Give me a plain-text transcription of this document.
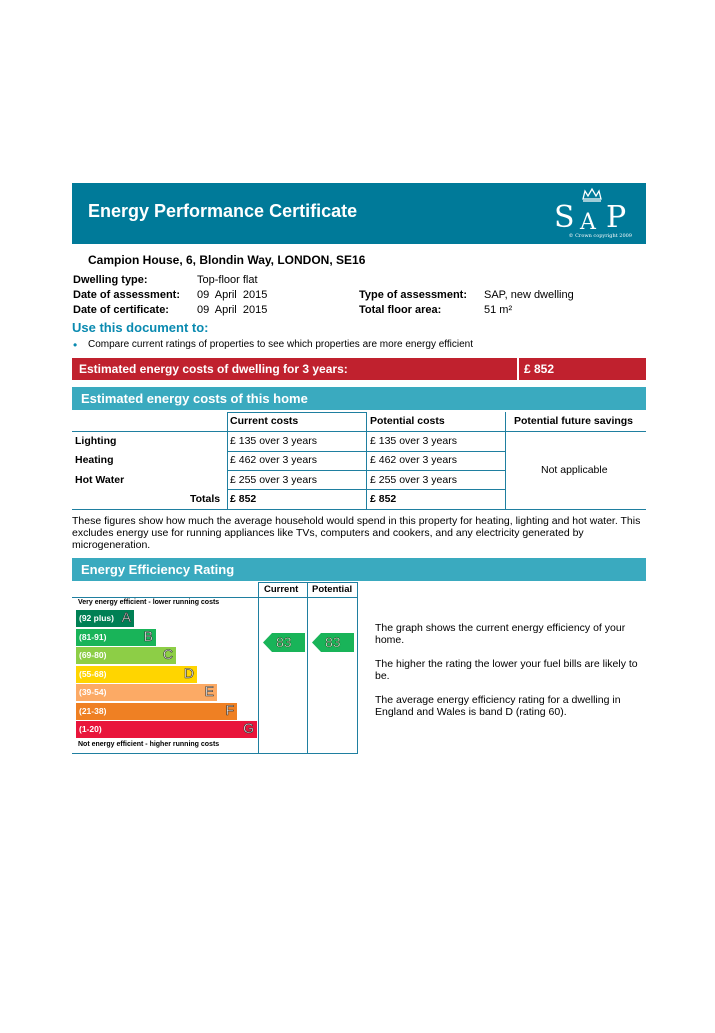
Energy Performance Certificate	S A P
© Crown copyright 2009
Campion House, 6, Blondin Way, LONDON, SE16
Dwelling type:	Top-floor flat
Date of assessment: 09  April  2015
Date of certificate:	09  April  2015
Type of assessment: SAP, new dwelling
Total floor area:	51 m²
Use this document to:
• Compare current ratings of properties to see which properties are more energy efficient
Estimated energy costs of dwelling for 3 years:	£ 852
Estimated energy costs of this home
Current costs	Potential costs	Potential future savings
Lighting	£ 135 over 3 years	£ 135 over 3 years
Heating	£ 462 over 3 years	£ 462 over 3 years
Hot Water	£ 255 over 3 years	£ 255 over 3 years
Totals £ 852	£ 852
Not applicable
These figures show how much the average household would spend in this property for heating, lighting and hot water. This excludes energy use for running appliances like TVs, computers and cookers, and any electricity generated by microgeneration.
Energy Efficiency Rating
Current Potential
Very energy efficient - lower running costs
Not energy efficient - higher running costs
(92 plus) A
(81-91)	B
(69-80)	C
(55-68)	D
(39-54)	E
(21-38)	F
(1-20)	G
83 83
The graph shows the current energy efficiency of your home.
The higher the rating the lower your fuel bills are likely to be.
The average energy efficiency rating for a dwelling in England and Wales is band D (rating 60).
